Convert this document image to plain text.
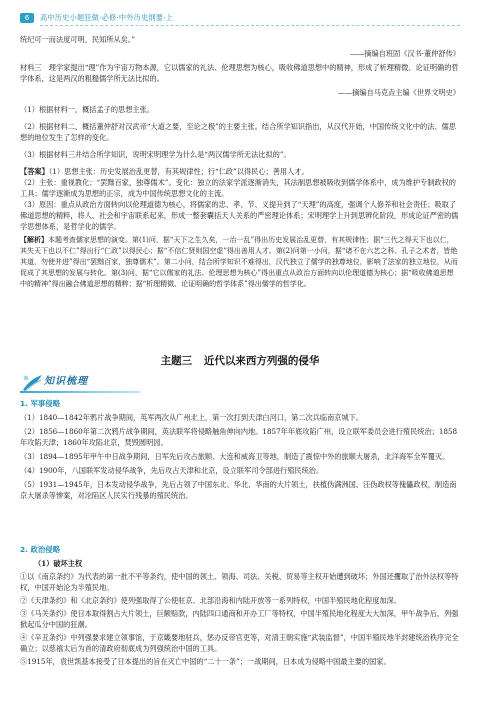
6	高中历史小题狂做·必修·中外历史纲要·上

统纪可一而法度可明，民知所从矣。”

——摘编自班固《汉书·董仲舒传》

材料三　理学家提出“理”作为宇宙万物本源，它以儒家的礼法、伦理思想为核心，吸收佛道思想中的精神，形成了析理精微、论证明确的哲学体系，这是两汉的粗糙儒学所无法比拟的。

——摘编自马克垚主编《世界文明史》

（1）根据材料一，概括孟子的思想主张。

（2）根据材料二，概括董仲舒对汉武帝“大道之要，至论之极”的主要主张。结合所学知识指出，从汉代开始，中国传统文化中的法、儒思想的地位发生了怎样的变化。

（3）根据材料三并结合所学知识，说明宋明理学为什么是“两汉儒学所无法比拟的”。

【答案】（1）思想主张：历史发展治乱更替，有其规律性；行“仁政”以得民心；善用人才。

（2）主张：重视教化；“罢黜百家，独尊儒术”。变化：独立的法家学派逐渐消失，其法制思想被吸收到儒学体系中，成为维护专制政权的工具；儒学逐渐成为思想的正宗，成为中国传统思想文化的主流。

（3）原因：重点从政治方面转向以伦理道德为核心，将儒家的忠、孝、节、义提升到了“天理”的高度，强调个人修养和社会责任；吸取了佛道思想的精粹，将人、社会和宇宙联系起来，形成一整套囊括天人关系的严密理论体系；宋明理学上升到思辨化阶段，形成论证严密的儒学思想体系，是哲学化的儒学。

【解析】本题考查儒家思想的演变。第(1)问，据“天下之生久矣，一治一乱”得出历史发展治乱更替，有其规律性；据“三代之得天下也以仁，其失天下也以不仁”得出行“仁政”以得民心；据“不信仁贤则国空虚”得出善用人才。第(2)问第一小问，据“诸不在六艺之科、孔子之术者，皆绝其道，勿使并进”得出“罢黜百家，独尊儒术”。第二小问，结合所学知识不难得出，汉代独立了儒学的独尊地位，影响了法家的独立地位，从而促成了其思想的发展与转化。第(3)问，据“它以儒家的礼法、伦理思想为核心”得出重点从政治方面转向以伦理道德为核心；据“吸收佛道思想中的精神”得出融合佛道思想的精粹；据“析理精微、论证明确的哲学体系”得出儒学的哲学化。

主题三 近代以来西方列强的侵华
知识梳理

1. 军事侵略

（1）1840—1842年鸦片战争期间，英军两次从广州北上，第一次打到天津白河口，第二次兵临南京城下。

（2）1856—1860年第二次鸦片战争期间，英法联军将侵略触角伸向内地。1857年年底攻陷广州，设立联军委员会进行殖民统治；1858年攻陷天津；1860年攻陷北京，焚毁圆明园。

（3）1894—1895年甲午中日战争期间，日军先后攻占旅顺、大连和威海卫等地，制造了震惊中外的旅顺大屠杀，北洋海军全军覆灭。

（4）1900年，八国联军发动侵华战争，先后攻占天津和北京，设立联军司令部进行殖民统治。

（5）1931—1945年，日本发动侵华战争，先后占领了中国东北、华北、华南的大片领土，扶植伪满洲国、汪伪政权等傀儡政权，制造南京大屠杀等惨案，对沦陷区人民实行残暴的殖民统治。

2. 政治侵略

（1）破坏主权

①以《南京条约》为代表的第一批不平等条约，使中国的领土、领海、司法、关税、贸易等主权开始遭到破坏；外国还攫取了治外法权等特权，中国开始沦为半殖民地。

②《天津条约》和《北京条约》使列强取得了公使驻京、北部沿海和内陆开放等一系列特权，中国半殖民地化程度加深。

③《马关条约》使日本取得割占大片领土，巨额赔款，内陆四口通商和开办工厂等特权，中国半殖民地化程度大大加深，甲午战争后，列强掀起瓜分中国的狂潮。

④《辛丑条约》中列强要求建立领事馆，于京畿要地驻兵，惩办反帝官吏等，对清王朝实施“武装监督”，中国半殖民地半封建统治秩序完全确立；以慈禧太后为首的清政府彻底成为列强统治中国的工具。

⑤1915年，袁世凯基本接受了日本提出的旨在灭亡中国的“二十一条”；一战期间，日本成为侵略中国最主要的国家。
